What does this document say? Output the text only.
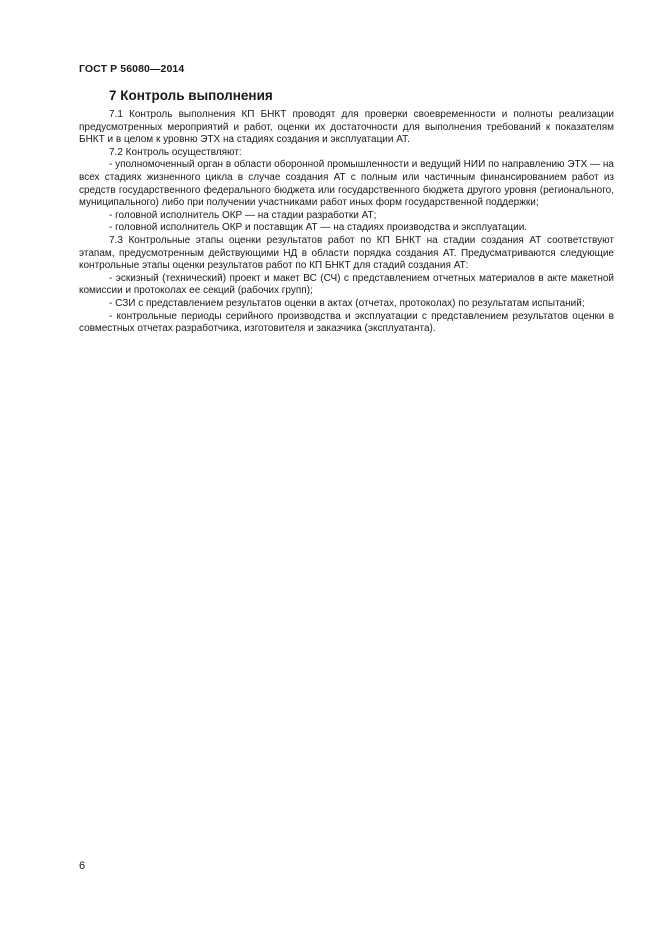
ГОСТ Р 56080—2014
7 Контроль выполнения

7.1 Контроль выполнения КП БНКТ проводят для проверки своевременности и полноты реализации предусмотренных мероприятий и работ, оценки их достаточности для выполнения требований к показателям БНКТ и в целом к уровню ЭТХ на стадиях создания и эксплуатации АТ.

7.2 Контроль осуществляют:

- уполномоченный орган в области оборонной промышленности и ведущий НИИ по направлению ЭТХ — на всех стадиях жизненного цикла в случае создания АТ с полным или частичным финансированием работ из средств государственного федерального бюджета или государственного бюджета другого уровня (регионального, муниципального) либо при получении участниками работ иных форм государственной поддержки;

- головной исполнитель ОКР — на стадии разработки АТ;

- головной исполнитель ОКР и поставщик АТ — на стадиях производства и эксплуатации.

7.3 Контрольные этапы оценки результатов работ по КП БНКТ на стадии создания АТ соответствуют этапам, предусмотренным действующими НД в области порядка создания АТ. Предусматриваются следующие контрольные этапы оценки результатов работ по КП БНКТ для стадий создания АТ:

- эскизный (технический) проект и макет ВС (СЧ) с представлением отчетных материалов в акте макетной комиссии и протоколах ее секций (рабочих групп);

- СЗИ с представлением результатов оценки в актах (отчетах, протоколах) по результатам испытаний;

- контрольные периоды серийного производства и эксплуатации с представлением результатов оценки в совместных отчетах разработчика, изготовителя и заказчика (эксплуатанта).

6
